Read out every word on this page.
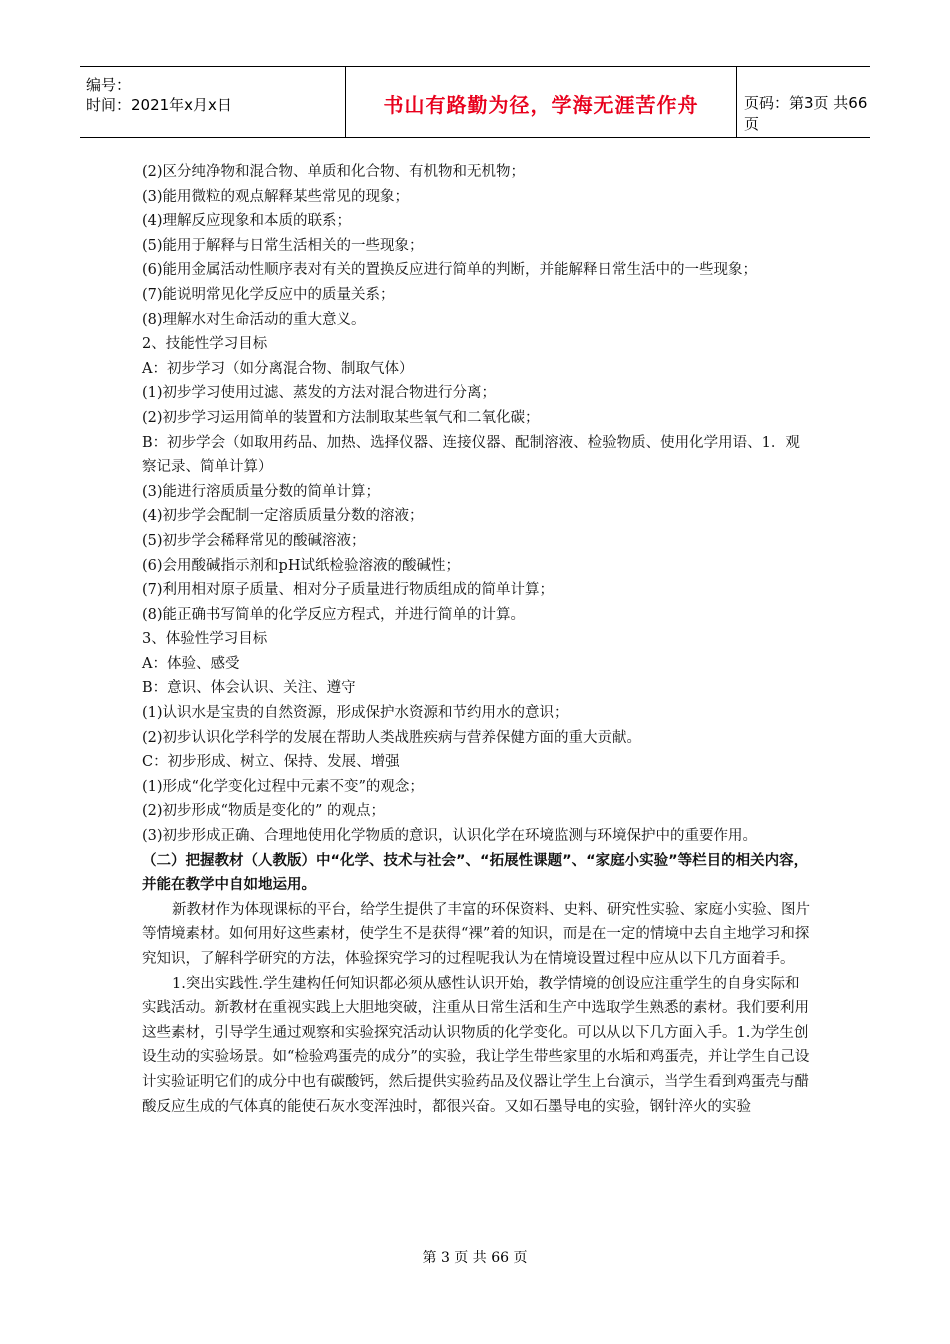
编号：
时间：2021年x月x日	书山有路勤为径，学海无涯苦作舟	页码：第3页 共66页

(2)区分纯净物和混合物、单质和化合物、有机物和无机物；

(3)能用微粒的观点解释某些常见的现象；

(4)理解反应现象和本质的联系；

(5)能用于解释与日常生活相关的一些现象；

(6)能用金属活动性顺序表对有关的置换反应进行简单的判断，并能解释日常生活中的一些现象；

(7)能说明常见化学反应中的质量关系；

(8)理解水对生命活动的重大意义。

2、技能性学习目标

A：初步学习（如分离混合物、制取气体）

(1)初步学习使用过滤、蒸发的方法对混合物进行分离；

(2)初步学习运用简单的装置和方法制取某些氧气和二氧化碳；

B：初步学会（如取用药品、加热、选择仪器、连接仪器、配制溶液、检验物质、使用化学用语、1．观察记录、简单计算）

(3)能进行溶质质量分数的简单计算；

(4)初步学会配制一定溶质质量分数的溶液；

(5)初步学会稀释常见的酸碱溶液；

(6)会用酸碱指示剂和pH试纸检验溶液的酸碱性；

(7)利用相对原子质量、相对分子质量进行物质组成的简单计算；

(8)能正确书写简单的化学反应方程式，并进行简单的计算。

3、体验性学习目标

A：体验、感受

B：意识、体会认识、关注、遵守

(1)认识水是宝贵的自然资源，形成保护水资源和节约用水的意识；

(2)初步认识化学科学的发展在帮助人类战胜疾病与营养保健方面的重大贡献。

C：初步形成、树立、保持、发展、增强

(1)形成“化学变化过程中元素不变”的观念；

(2)初步形成“物质是变化的” 的观点；

(3)初步形成正确、合理地使用化学物质的意识，认识化学在环境监测与环境保护中的重要作用。

（二）把握教材（人教版）中“化学、技术与社会”、“拓展性课题”、“家庭小实验”等栏目的相关内容，并能在教学中自如地运用。

新教材作为体现课标的平台，给学生提供了丰富的环保资料、史料、研究性实验、家庭小实验、图片等情境素材。如何用好这些素材，使学生不是获得“裸”着的知识，而是在一定的情境中去自主地学习和探究知识，了解科学研究的方法，体验探究学习的过程呢我认为在情境设置过程中应从以下几方面着手。

1.突出实践性.学生建构任何知识都必须从感性认识开始，教学情境的创设应注重学生的自身实际和实践活动。新教材在重视实践上大胆地突破，注重从日常生活和生产中选取学生熟悉的素材。我们要利用这些素材，引导学生通过观察和实验探究活动认识物质的化学变化。可以从以下几方面入手。1.为学生创设生动的实验场景。如“检验鸡蛋壳的成分”的实验，我让学生带些家里的水垢和鸡蛋壳，并让学生自己设计实验证明它们的成分中也有碳酸钙，然后提供实验药品及仪器让学生上台演示，当学生看到鸡蛋壳与醋酸反应生成的气体真的能使石灰水变浑浊时，都很兴奋。又如石墨导电的实验，钢针淬火的实验

第 3 页 共 66 页
